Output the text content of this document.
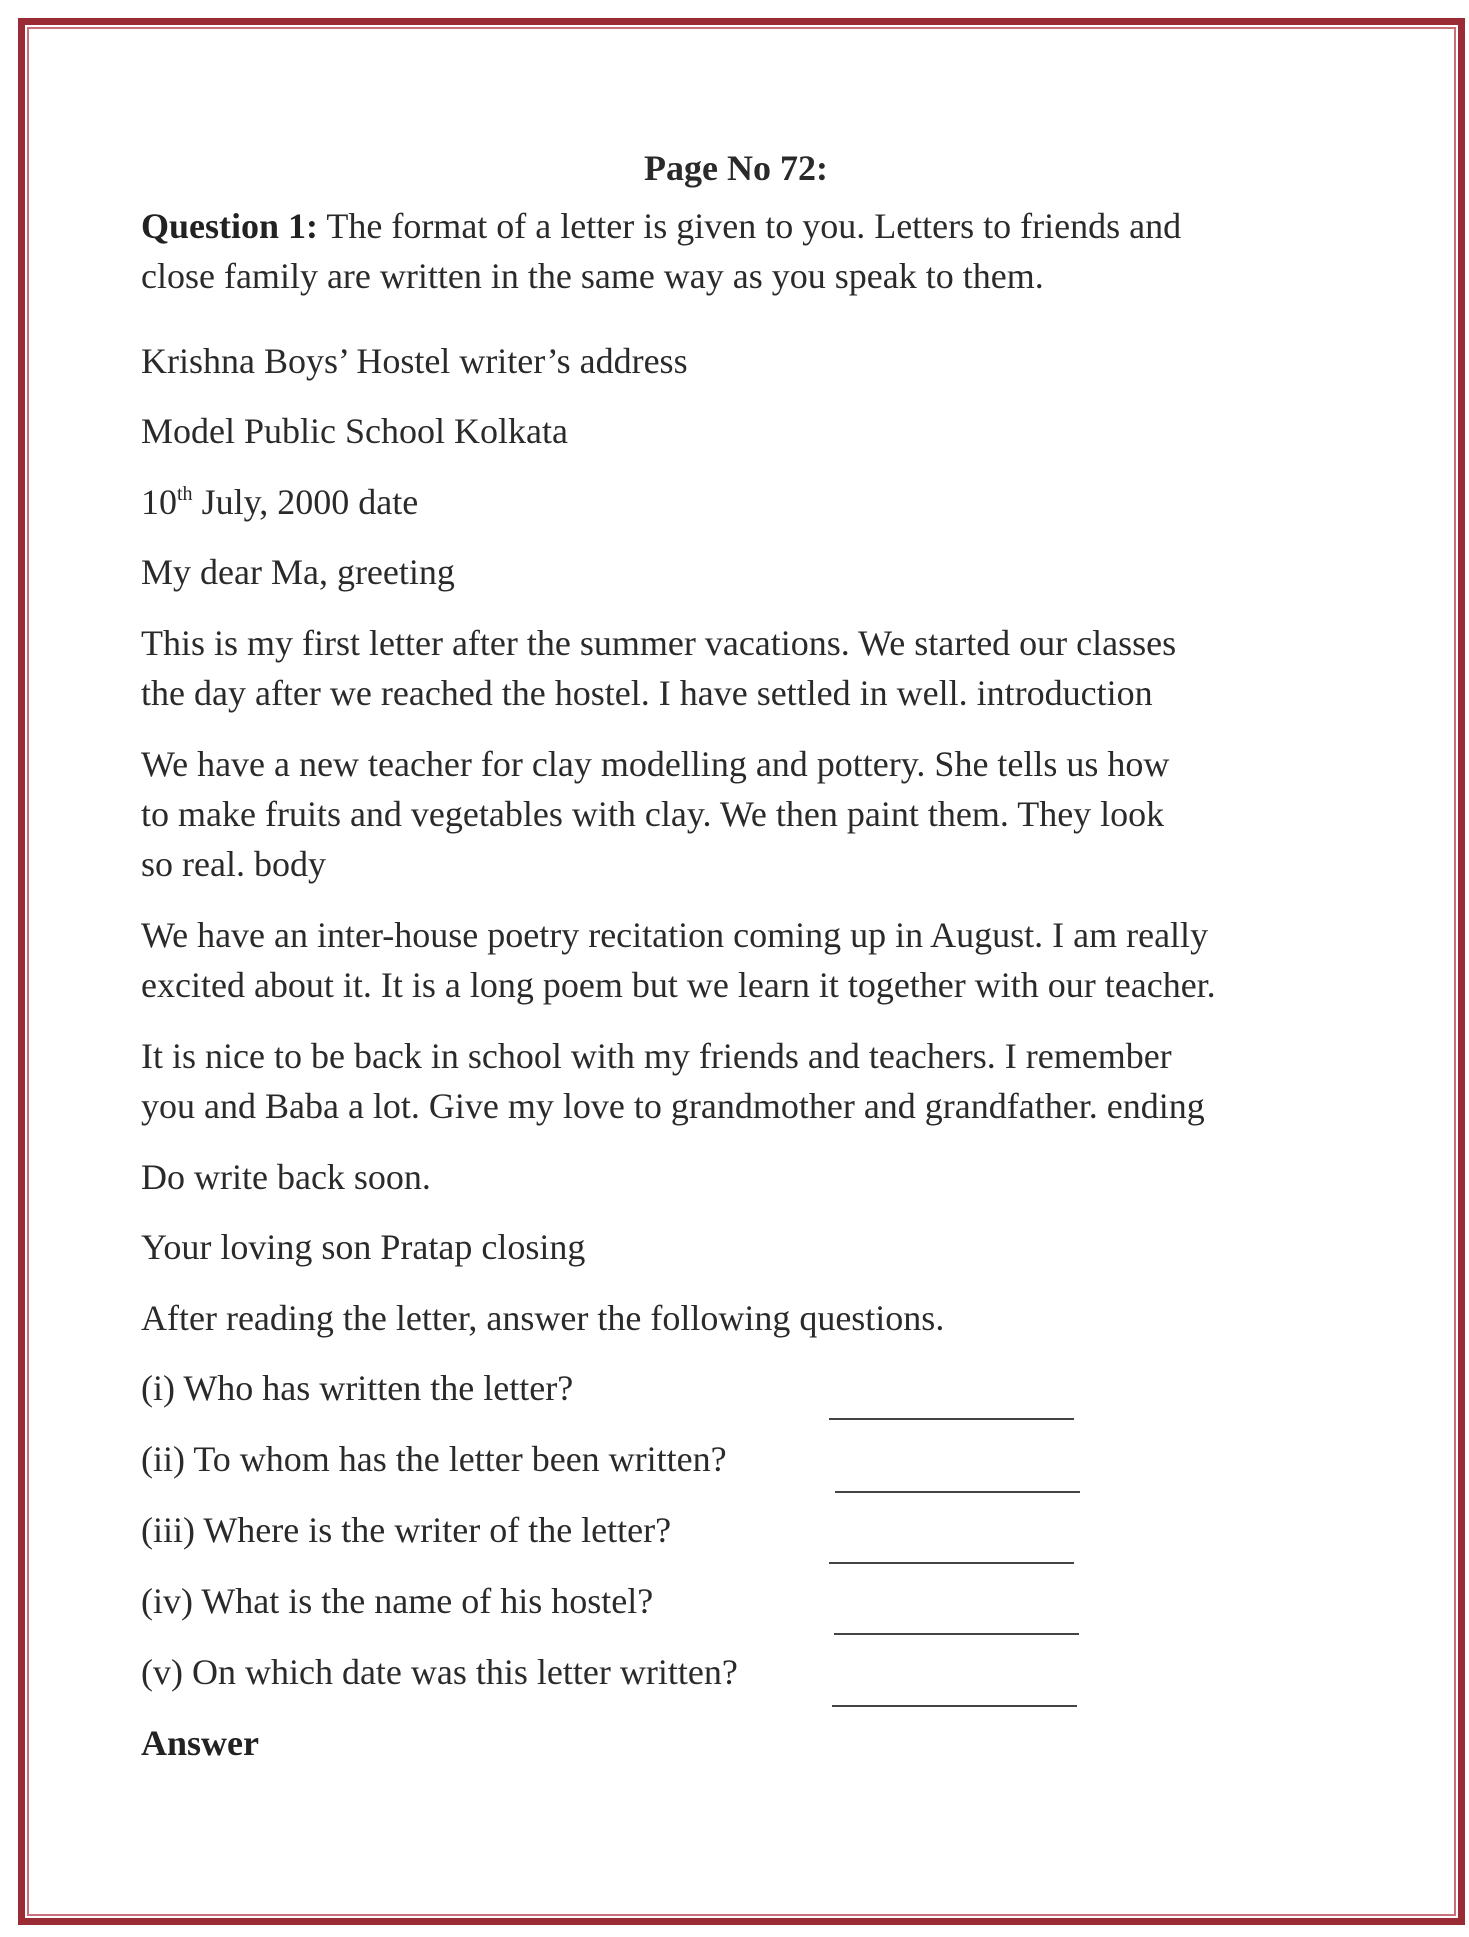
Page No 72:
Question 1: The format of a letter is given to you. Letters to friends and
close family are written in the same way as you speak to them.
Krishna Boys’ Hostel writer’s address
Model Public School Kolkata
10th July, 2000 date
My dear Ma, greeting
This is my first letter after the summer vacations. We started our classes
the day after we reached the hostel. I have settled in well. introduction
We have a new teacher for clay modelling and pottery. She tells us how
to make fruits and vegetables with clay. We then paint them. They look
so real. body
We have an inter-house poetry recitation coming up in August. I am really
excited about it. It is a long poem but we learn it together with our teacher.
It is nice to be back in school with my friends and teachers. I remember
you and Baba a lot. Give my love to grandmother and grandfather. ending
Do write back soon.
Your loving son Pratap closing
After reading the letter, answer the following questions.
(i) Who has written the letter?
(ii) To whom has the letter been written?
(iii) Where is the writer of the letter?
(iv) What is the name of his hostel?
(v) On which date was this letter written?
Answer
